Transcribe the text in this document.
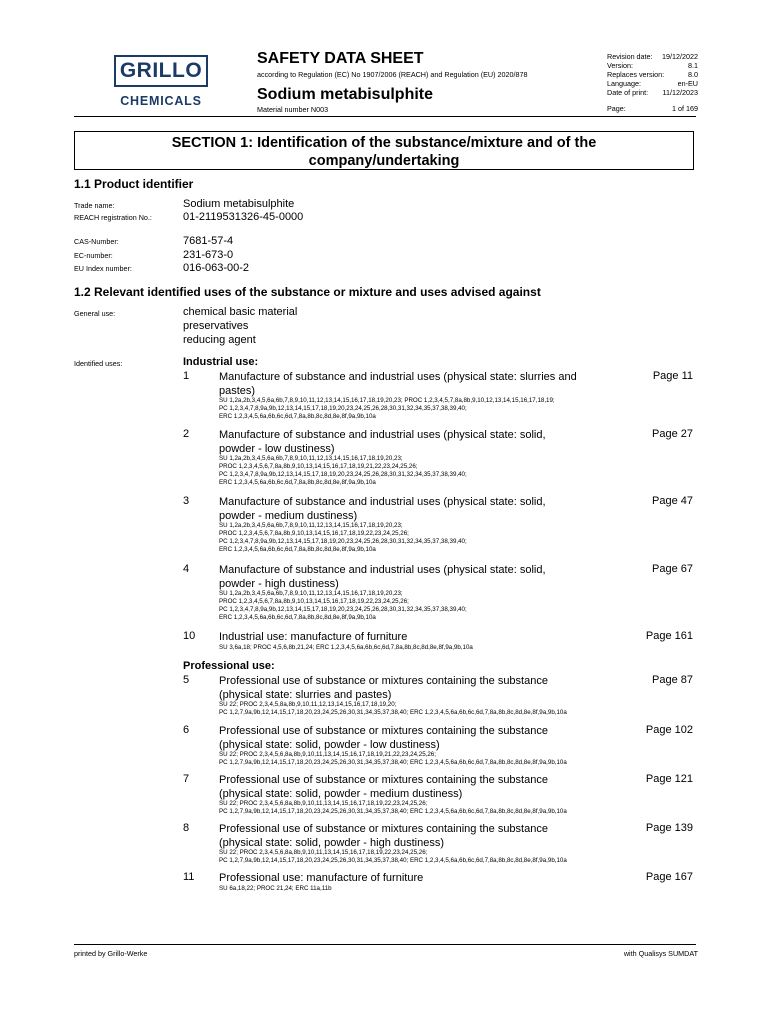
GRILLO
CHEMICALS
SAFETY DATA SHEET
according to Regulation (EC) No 1907/2006 (REACH) and Regulation (EU) 2020/878
Sodium metabisulphite
Material number N003
Revision date: 19/12/2022
Version:	8.1
Replaces version:	8.0
Language:	en-EU
Date of print: 11/12/2023
Page:	1 of 169
SECTION 1: Identification of the substance/mixture and of the
company/undertaking
1.1 Product identifier
Trade name:	Sodium metabisulphite
REACH registration No.:	01-2119531326-45-0000
CAS-Number:	7681-57-4
EC-number:	231-673-0
EU Index number:	016-063-00-2
1.2 Relevant identified uses of the substance or mixture and uses advised against
General use:	chemical basic material
preservatives
reducing agent
Identified uses:	Industrial use:
1	Manufacture of substance and industrial uses (physical state: slurries and
pastes)
Page 11
SU 1,2a,2b,3,4,5,6a,6b,7,8,9,10,11,12,13,14,15,16,17,18,19,20,23; PROC 1,2,3,4,5,7,8a,8b,9,10,12,13,14,15,16,17,18,19;
PC 1,2,3,4,7,8,9a,9b,12,13,14,15,17,18,19,20,23,24,25,26,28,30,31,32,34,35,37,38,39,40;
ERC 1,2,3,4,5,6a,6b,6c,6d,7,8a,8b,8c,8d,8e,8f,9a,9b,10a
2	Manufacture of substance and industrial uses (physical state: solid,
powder - low dustiness)
Page 27
SU 1,2a,2b,3,4,5,6a,6b,7,8,9,10,11,12,13,14,15,16,17,18,19,20,23;
PROC 1,2,3,4,5,6,7,8a,8b,9,10,13,14,15,16,17,18,19,21,22,23,24,25,26;
PC 1,2,3,4,7,8,9a,9b,12,13,14,15,17,18,19,20,23,24,25,26,28,30,31,32,34,35,37,38,39,40;
ERC 1,2,3,4,5,6a,6b,6c,6d,7,8a,8b,8c,8d,8e,8f,9a,9b,10a
3	Manufacture of substance and industrial uses (physical state: solid,
powder - medium dustiness)
Page 47
SU 1,2a,2b,3,4,5,6a,6b,7,8,9,10,11,12,13,14,15,16,17,18,19,20,23;
PROC 1,2,3,4,5,6,7,8a,8b,9,10,13,14,15,16,17,18,19,22,23,24,25,26;
PC 1,2,3,4,7,8,9a,9b,12,13,14,15,17,18,19,20,23,24,25,26,28,30,31,32,34,35,37,38,39,40;
ERC 1,2,3,4,5,6a,6b,6c,6d,7,8a,8b,8c,8d,8e,8f,9a,9b,10a
4	Manufacture of substance and industrial uses (physical state: solid,
powder - high dustiness)
Page 67
SU 1,2a,2b,3,4,5,6a,6b,7,8,9,10,11,12,13,14,15,16,17,18,19,20,23;
PROC 1,2,3,4,5,6,7,8a,8b,9,10,13,14,15,16,17,18,19,22,23,24,25,26;
PC 1,2,3,4,7,8,9a,9b,12,13,14,15,17,18,19,20,23,24,25,26,28,30,31,32,34,35,37,38,39,40;
ERC 1,2,3,4,5,6a,6b,6c,6d,7,8a,8b,8c,8d,8e,8f,9a,9b,10a
10 Industrial use: manufacture of furniture	Page 161
SU 3,6a,18; PROC 4,5,6,8b,21,24; ERC 1,2,3,4,5,6a,6b,6c,6d,7,8a,8b,8c,8d,8e,8f,9a,9b,10a
Professional use:
5	Professional use of substance or mixtures containing the substance
(physical state: slurries and pastes)
Page 87
SU 22; PROC 2,3,4,5,8a,8b,9,10,11,12,13,14,15,16,17,18,19,20;
PC 1,2,7,9a,9b,12,14,15,17,18,20,23,24,25,26,30,31,34,35,37,38,40; ERC 1,2,3,4,5,6a,6b,6c,6d,7,8a,8b,8c,8d,8e,8f,9a,9b,10a
6	Professional use of substance or mixtures containing the substance
(physical state: solid, powder - low dustiness)
Page 102
SU 22; PROC 2,3,4,5,6,8a,8b,9,10,11,13,14,15,16,17,18,19,21,22,23,24,25,26;
PC 1,2,7,9a,9b,12,14,15,17,18,20,23,24,25,26,30,31,34,35,37,38,40; ERC 1,2,3,4,5,6a,6b,6c,6d,7,8a,8b,8c,8d,8e,8f,9a,9b,10a
7	Professional use of substance or mixtures containing the substance
(physical state: solid, powder - medium dustiness)
Page 121
SU 22; PROC 2,3,4,5,6,8a,8b,9,10,11,13,14,15,16,17,18,19,22,23,24,25,26;
PC 1,2,7,9a,9b,12,14,15,17,18,20,23,24,25,26,30,31,34,35,37,38,40; ERC 1,2,3,4,5,6a,6b,6c,6d,7,8a,8b,8c,8d,8e,8f,9a,9b,10a
8	Professional use of substance or mixtures containing the substance
(physical state: solid, powder - high dustiness)
Page 139
SU 22; PROC 2,3,4,5,6,8a,8b,9,10,11,13,14,15,16,17,18,19,22,23,24,25,26;
PC 1,2,7,9a,9b,12,14,15,17,18,20,23,24,25,26,30,31,34,35,37,38,40; ERC 1,2,3,4,5,6a,6b,6c,6d,7,8a,8b,8c,8d,8e,8f,9a,9b,10a
11 Professional use: manufacture of furniture	Page 167
SU 6a,18,22; PROC 21,24; ERC 11a,11b
printed by Grillo-Werke	with Qualisys SUMDAT
